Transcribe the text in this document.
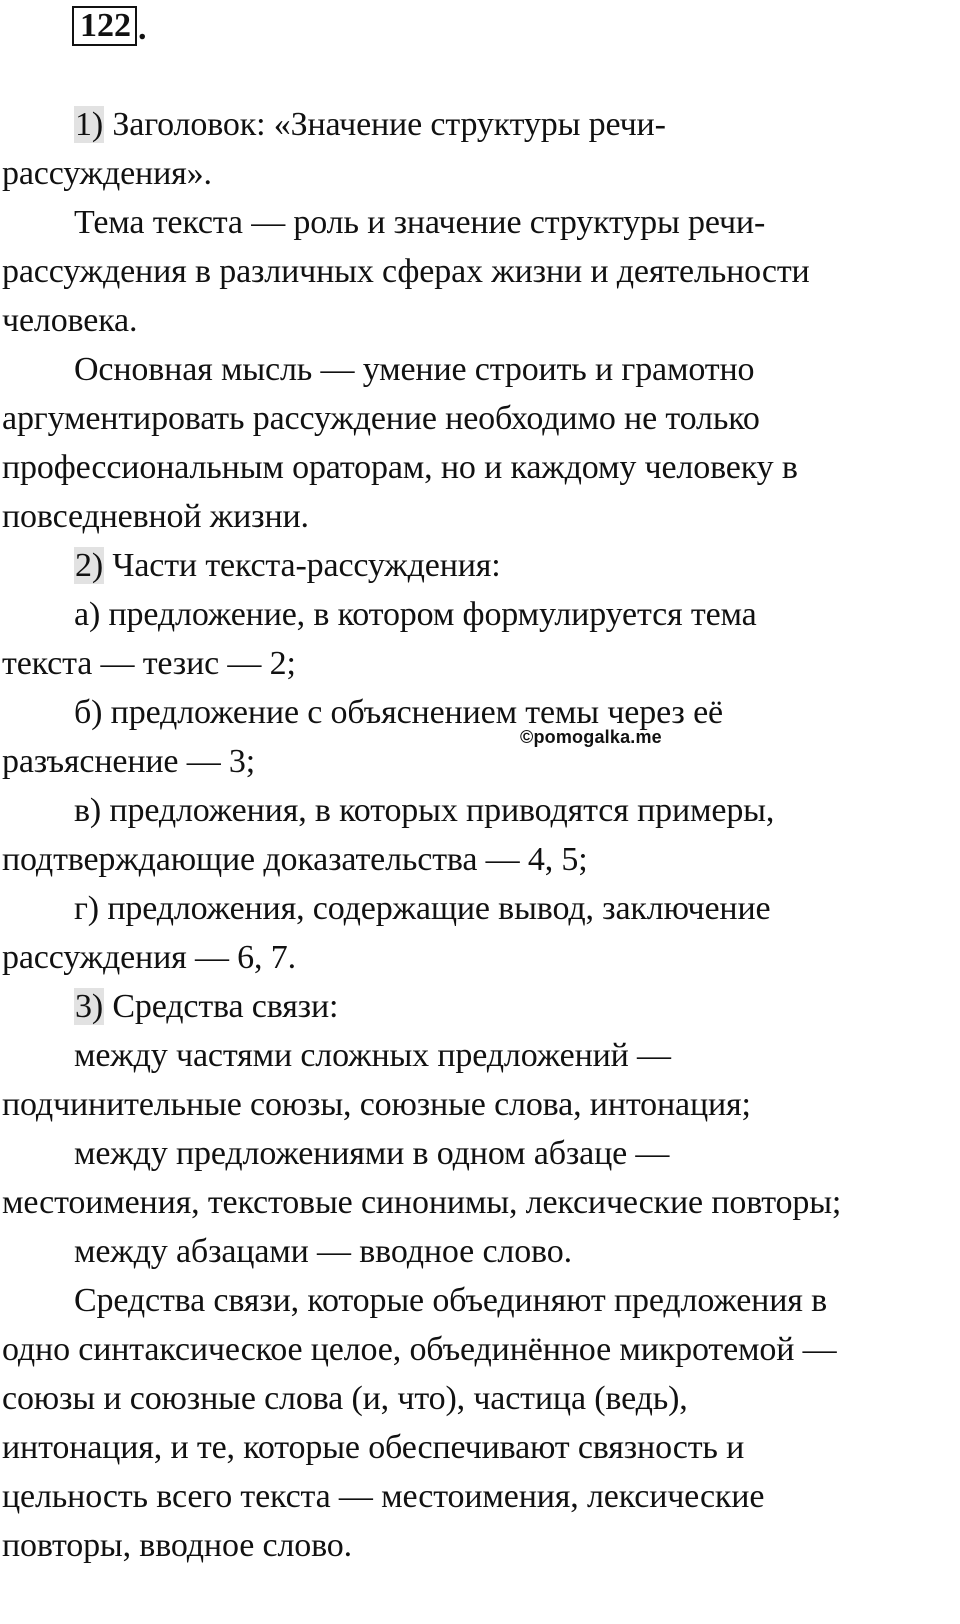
122 .

1) Заголовок: «Значение структуры речи-

рассуждения».

Тема текста — роль и значение структуры речи-

рассуждения в различных сферах жизни и деятельности

человека.

Основная мысль — умение строить и грамотно

аргументировать рассуждение необходимо не только

профессиональным ораторам, но и каждому человеку в

повседневной жизни.

2) Части текста-рассуждения:

а) предложение, в котором формулируется тема

текста — тезис — 2;

б) предложение с объяснением темы через её

разъяснение — 3;

в) предложения, в которых приводятся примеры,

подтверждающие доказательства — 4, 5;

г) предложения, содержащие вывод, заключение

рассуждения — 6, 7.

3) Средства связи:

между частями сложных предложений —

подчинительные союзы, союзные слова, интонация;

между предложениями в одном абзаце —

местоимения, текстовые синонимы, лексические повторы;

между абзацами — вводное слово.

Средства связи, которые объединяют предложения в

одно синтаксическое целое, объединённое микротемой —

союзы и союзные слова (и, что), частица (ведь),

интонация, и те, которые обеспечивают связность и

цельность всего текста — местоимения, лексические

повторы, вводное слово.

©pomogalka.me
